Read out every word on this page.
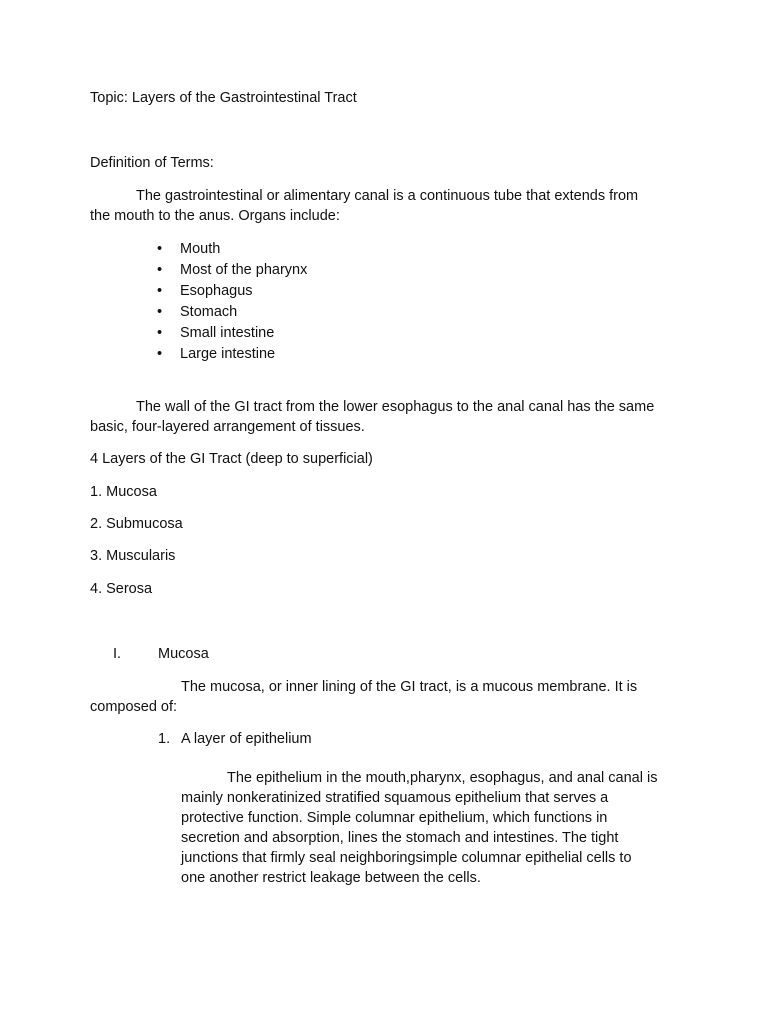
Topic: Layers of the Gastrointestinal Tract
Definition of Terms:
The gastrointestinal or alimentary canal is a continuous tube that extends from
the mouth to the anus. Organs include:
•	Mouth
•	Most of the pharynx
•	Esophagus
•	Stomach
•	Small intestine
•	Large intestine
The wall of the GI tract from the lower esophagus to the anal canal has the same
basic, four-layered arrangement of tissues.
4 Layers of the GI Tract (deep to superficial)
1. Mucosa
2. Submucosa
3. Muscularis
4. Serosa
I.	Mucosa
The mucosa, or inner lining of the GI tract, is a mucous membrane. It is
composed of:
1. A layer of epithelium
The epithelium in the mouth,pharynx, esophagus, and anal canal is
mainly nonkeratinized stratified squamous epithelium that serves a
protective function. Simple columnar epithelium, which functions in
secretion and absorption, lines the stomach and intestines. The tight
junctions that firmly seal neighboringsimple columnar epithelial cells to
one another restrict leakage between the cells.
